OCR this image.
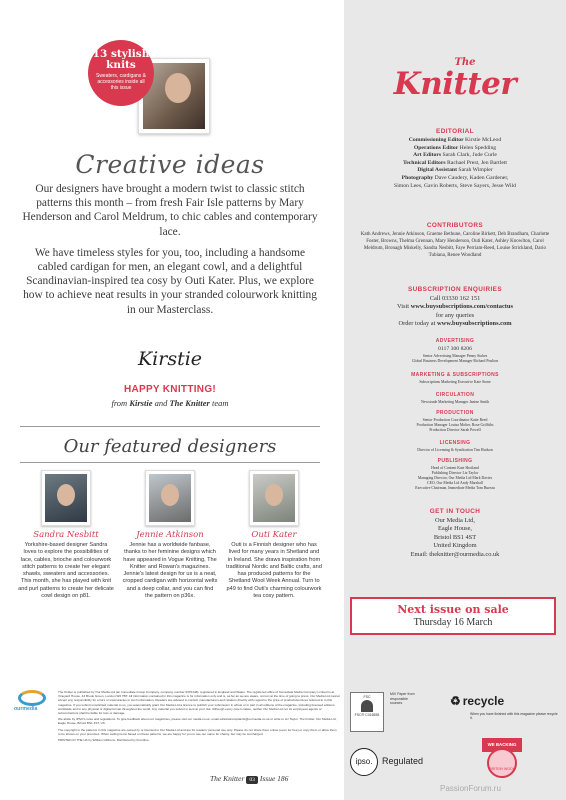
13 stylish knits
Sweaters, cardigans & accessories inside all this issue
Creative ideas

Our designers have brought a modern twist to classic stitch patterns this month – from fresh Fair Isle patterns by Mary Henderson and Carol Meldrum, to chic cables and contemporary lace.

We have timeless styles for you, too, including a handsome cabled cardigan for men, an elegant cowl, and a delightful Scandinavian-inspired tea cosy by Outi Kater. Plus, we explore how to achieve neat results in your stranded colourwork knitting in our Masterclass.

Kirstie
HAPPY KNITTING!
from Kirstie and The Knitter team
Our featured designers
Sandra Nesbitt
Yorkshire-based designer Sandra loves to explore the possibilities of lace, cables, brioche and colourwork stitch patterns to create her elegant shawls, sweaters and accessories. This month, she has played with knit and purl patterns to create her delicate cowl design on p81.
Jennie Atkinson
Jennie has a worldwide fanbase, thanks to her feminine designs which have appeared in Vogue Knitting, The Knitter and Rowan's magazines. Jennie's latest design for us is a neat, cropped cardigan with horizontal welts and a deep collar, and you can find the pattern on p36x.
Outi Kater
Outi is a Finnish designer who has lived for many years in Shetland and in Ireland. She draws inspiration from traditional Nordic and Baltic crafts, and has produced patterns for the Shetland Wool Week Annual. Turn to p49 to find Outi's charming colourwork tea cosy pattern.
ourmedia

The Knitter is published by Our Media Ltd (an Immediate Group Company, company number 6376448), registered in England and Wales. The registered office of Immediate Media Company Limited is at Vineyard House, 44 Brook Green, London W6 7BT. All information contained in this magazine is for information only and is, as far as we are aware, correct at the time of going to press. Our Media Ltd cannot accept any responsibility for errors or inaccuracies in such information. Readers are advised to contact manufacturers and retailers directly with regard to the price of products/services referred to in this magazine. If you submit unsolicited material to us, you automatically grant Our Media Ltd a licence to publish your submission in whole or in part in all editions of the magazine, including licensed editions worldwide and in any physical or digital format throughout the world. Any material you submit is sent at your risk. Although every care is taken, neither Our Media Ltd nor its employees agents or subcontractors shall be liable for loss or damage.

We abide by IPSO's rules and regulations. To give feedback about our magazines, please visit our media.co.uk, email editorialcomplaints@ourmedia.co.uk or write to Liz Taylor, The Knitter, Our Media Ltd, Eagle House, Bristol BS1 4ST, UK.

The copyright in the patterns in this magazine are owned by or licensed to Our Media Ltd and are for readers' personal use only. Please do not share them online (even for free) or copy them or allow them to be shown on your premises. When selling items based on these patterns, we are happy for you to use our name for charity, but may be surcharged.

PRINTED IN THE UK by William Gibbons. Distributed by Frontline.

The Knitter 03 Issue 186
The
Knitter
EDITORIAL
Commissioning Editor Kirstie McLeod
Operations Editor Helen Spedding
Art Editors Sarah Clark, Jude Curle
Technical Editors Rachael Prest, Jen Bartlett
Digital Assistant Sarah Wimpler
Photography Dave Caudery, Kaden Gardener,
Simon Lees, Gavin Roberts, Steve Sayers, Jesse Wild
CONTRIBUTORS
Kath Andrews, Jennie Atkinson, Graeme Bethune, Caroline Birkett, Deb Brandham, Charlotte Foster, Browns, Thelma Grennan, Mary Henderson, Outi Kater, Ashley Knowlton, Carol Meldrum, Bronagh Miskelly, Sandra Nesbitt, Faye Perriam-Reed, Louise Strickland, Dario Tubiana, Renee Woodland
SUBSCRIPTION ENQUIRIES
Call 03330 162 151
Visit www.buysubscriptions.com/contactus
for any queries
Order today at www.buysubscriptions.com
ADVERTISING
0117 300 8206
Senior Advertising Manager Penny Stokes
Global Business Development Manager Richard Poulton
MARKETING & SUBSCRIPTIONS
Subscriptions Marketing Executive Kate Stone
CIRCULATION
Newstrade Marketing Manager Janine Smith
PRODUCTION
Senior Production Coordinator Katie Reed
Production Manager Louisa Molter, Rose Griffiths
Production Director Sarah Powell
LICENSING
Director of Licensing & Syndication Tim Hudson
PUBLISHING
Head of Content Kate Shotland
Publishing Director Liz Taylor
Managing Director, Our Media Ltd Mark Davies
CEO, Our Media Ltd Andy Marshall
Executive Chairman, Immediate Media Tom Bureau
GET IN TOUCH
Our Media Ltd,
Eagle House,
Bristol BS1 4ST
United Kingdom
Email: theknitter@ourmedia.co.uk
Next issue on sale
Thursday 16 March
FSC
FSC® C016555
MIX Paper from responsible sources	♻ recycle
When you have finished with this magazine please recycle it.
ipso.	Regulated
WE BACKING
BRITISH WOOL
PassionForum.ru
